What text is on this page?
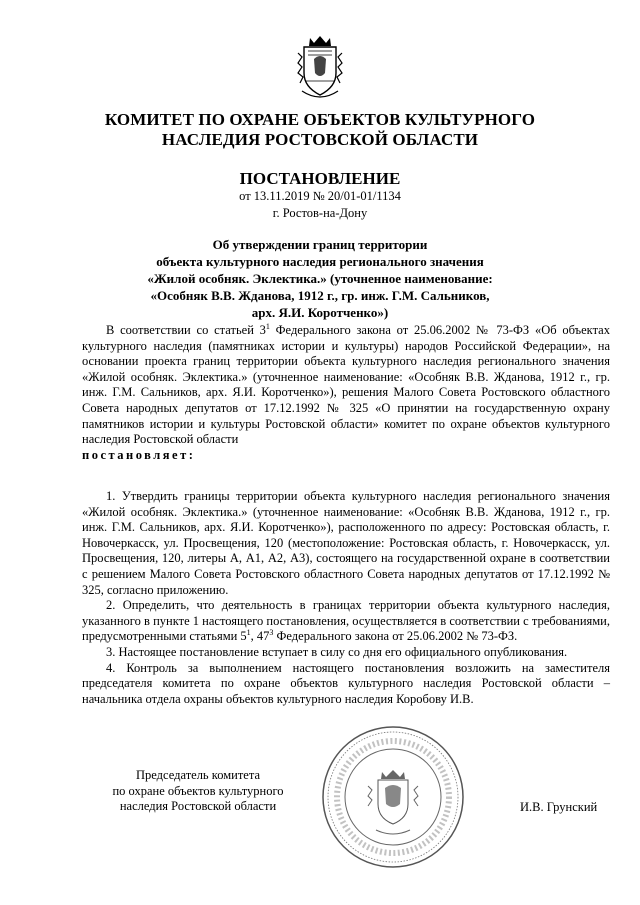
КОМИТЕТ ПО ОХРАНЕ ОБЪЕКТОВ КУЛЬТУРНОГО
НАСЛЕДИЯ РОСТОВСКОЙ ОБЛАСТИ
ПОСТАНОВЛЕНИЕ
от 13.11.2019 № 20/01-01/1134
г. Ростов-на-Дону
Об утверждении границ территории
объекта культурного наследия регионального значения
«Жилой особняк. Эклектика.» (уточненное наименование:
«Особняк В.В. Жданова, 1912 г., гр. инж. Г.М. Сальников,
арх. Я.И. Коротченко»)

В соответствии со статьей $3^1$ Федерального закона от 25.06.2002 № 73-ФЗ «Об объектах культурного наследия (памятниках истории и культуры) народов Российской Федерации», на основании проекта границ территории объекта культурного наследия регионального значения «Жилой особняк. Эклектика.» (уточненное наименование: «Особняк В.В. Жданова, 1912 г., гр. инж. Г.М. Сальников, арх. Я.И. Коротченко»), решения Малого Совета Ростовского областного Совета народных депутатов от 17.12.1992 № 325 «О принятии на государственную охрану памятников истории и культуры Ростовской области» комитет по охране объектов культурного наследия Ростовской области

постановляет:

1. Утвердить границы территории объекта культурного наследия регионального значения «Жилой особняк. Эклектика.» (уточненное наименование: «Особняк В.В. Жданова, 1912 г., гр. инж. Г.М. Сальников, арх. Я.И. Коротченко»), расположенного по адресу: Ростовская область, г. Новочеркасск, ул. Просвещения, 120 (местоположение: Ростовская область, г. Новочеркасск, ул. Просвещения, 120, литеры А, А1, А2, А3), состоящего на государственной охране в соответствии с решением Малого Совета Ростовского областного Совета народных депутатов от 17.12.1992 № 325, согласно приложению.

2. Определить, что деятельность в границах территории объекта культурного наследия, указанного в пункте 1 настоящего постановления, осуществляется в соответствии с требованиями, предусмотренными статьями $5^1$, $47^3$ Федерального закона от 25.06.2002 № 73-ФЗ.

3. Настоящее постановление вступает в силу со дня его официального опубликования.

4. Контроль за выполнением настоящего постановления возложить на заместителя председателя комитета по охране объектов культурного наследия Ростовской области – начальника отдела охраны объектов культурного наследия Коробову И.В.

Председатель комитета
по охране объектов культурного
наследия Ростовской области	И.В. Грунский
